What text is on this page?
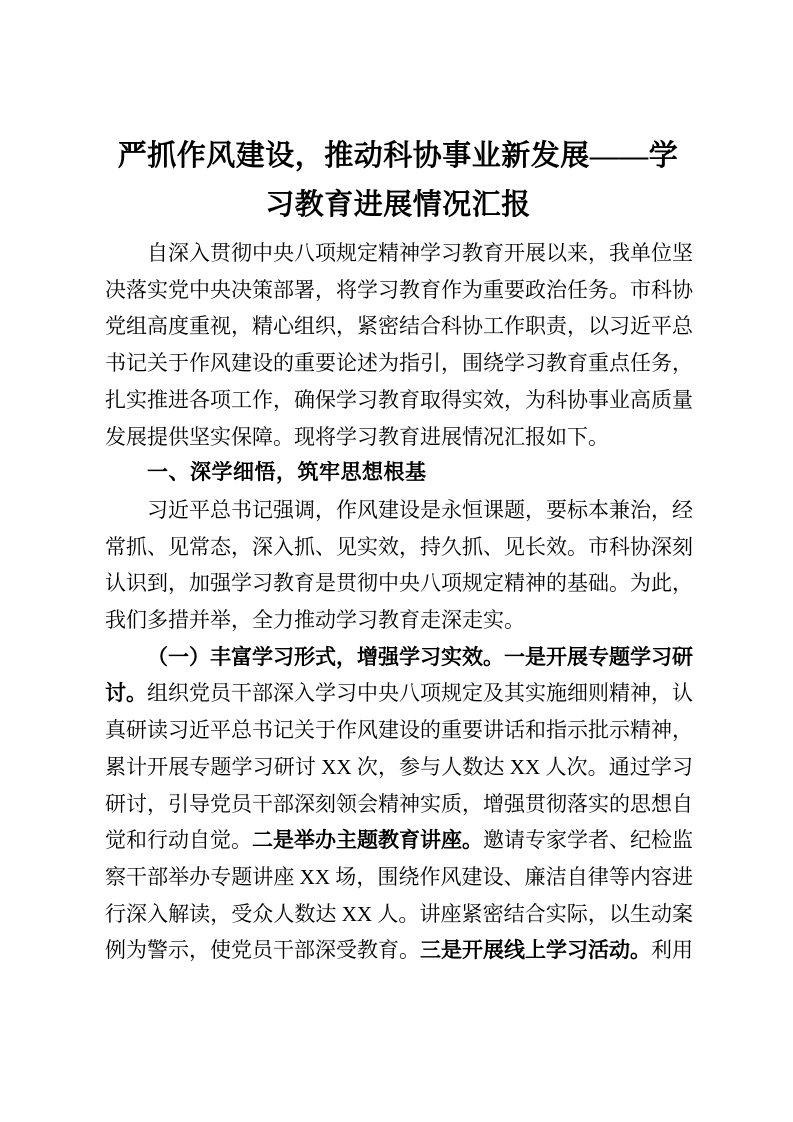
严抓作风建设，推动科协事业新发展——学习教育进展情况汇报

自深入贯彻中央八项规定精神学习教育开展以来，我单位坚决落实党中央决策部署，将学习教育作为重要政治任务。市科协党组高度重视，精心组织，紧密结合科协工作职责，以习近平总书记关于作风建设的重要论述为指引，围绕学习教育重点任务，扎实推进各项工作，确保学习教育取得实效，为科协事业高质量发展提供坚实保障。现将学习教育进展情况汇报如下。

一、深学细悟，筑牢思想根基

习近平总书记强调，作风建设是永恒课题，要标本兼治，经常抓、见常态，深入抓、见实效，持久抓、见长效。市科协深刻认识到，加强学习教育是贯彻中央八项规定精神的基础。为此，我们多措并举，全力推动学习教育走深走实。

（一）丰富学习形式，增强学习实效。一是开展专题学习研讨。组织党员干部深入学习中央八项规定及其实施细则精神，认真研读习近平总书记关于作风建设的重要讲话和指示批示精神，累计开展专题学习研讨 XX 次，参与人数达 XX 人次。通过学习研讨，引导党员干部深刻领会精神实质，增强贯彻落实的思想自觉和行动自觉。二是举办主题教育讲座。邀请专家学者、纪检监察干部举办专题讲座 XX 场，围绕作风建设、廉洁自律等内容进行深入解读，受众人数达 XX 人。讲座紧密结合实际，以生动案例为警示，使党员干部深受教育。三是开展线上学习活动。利用
